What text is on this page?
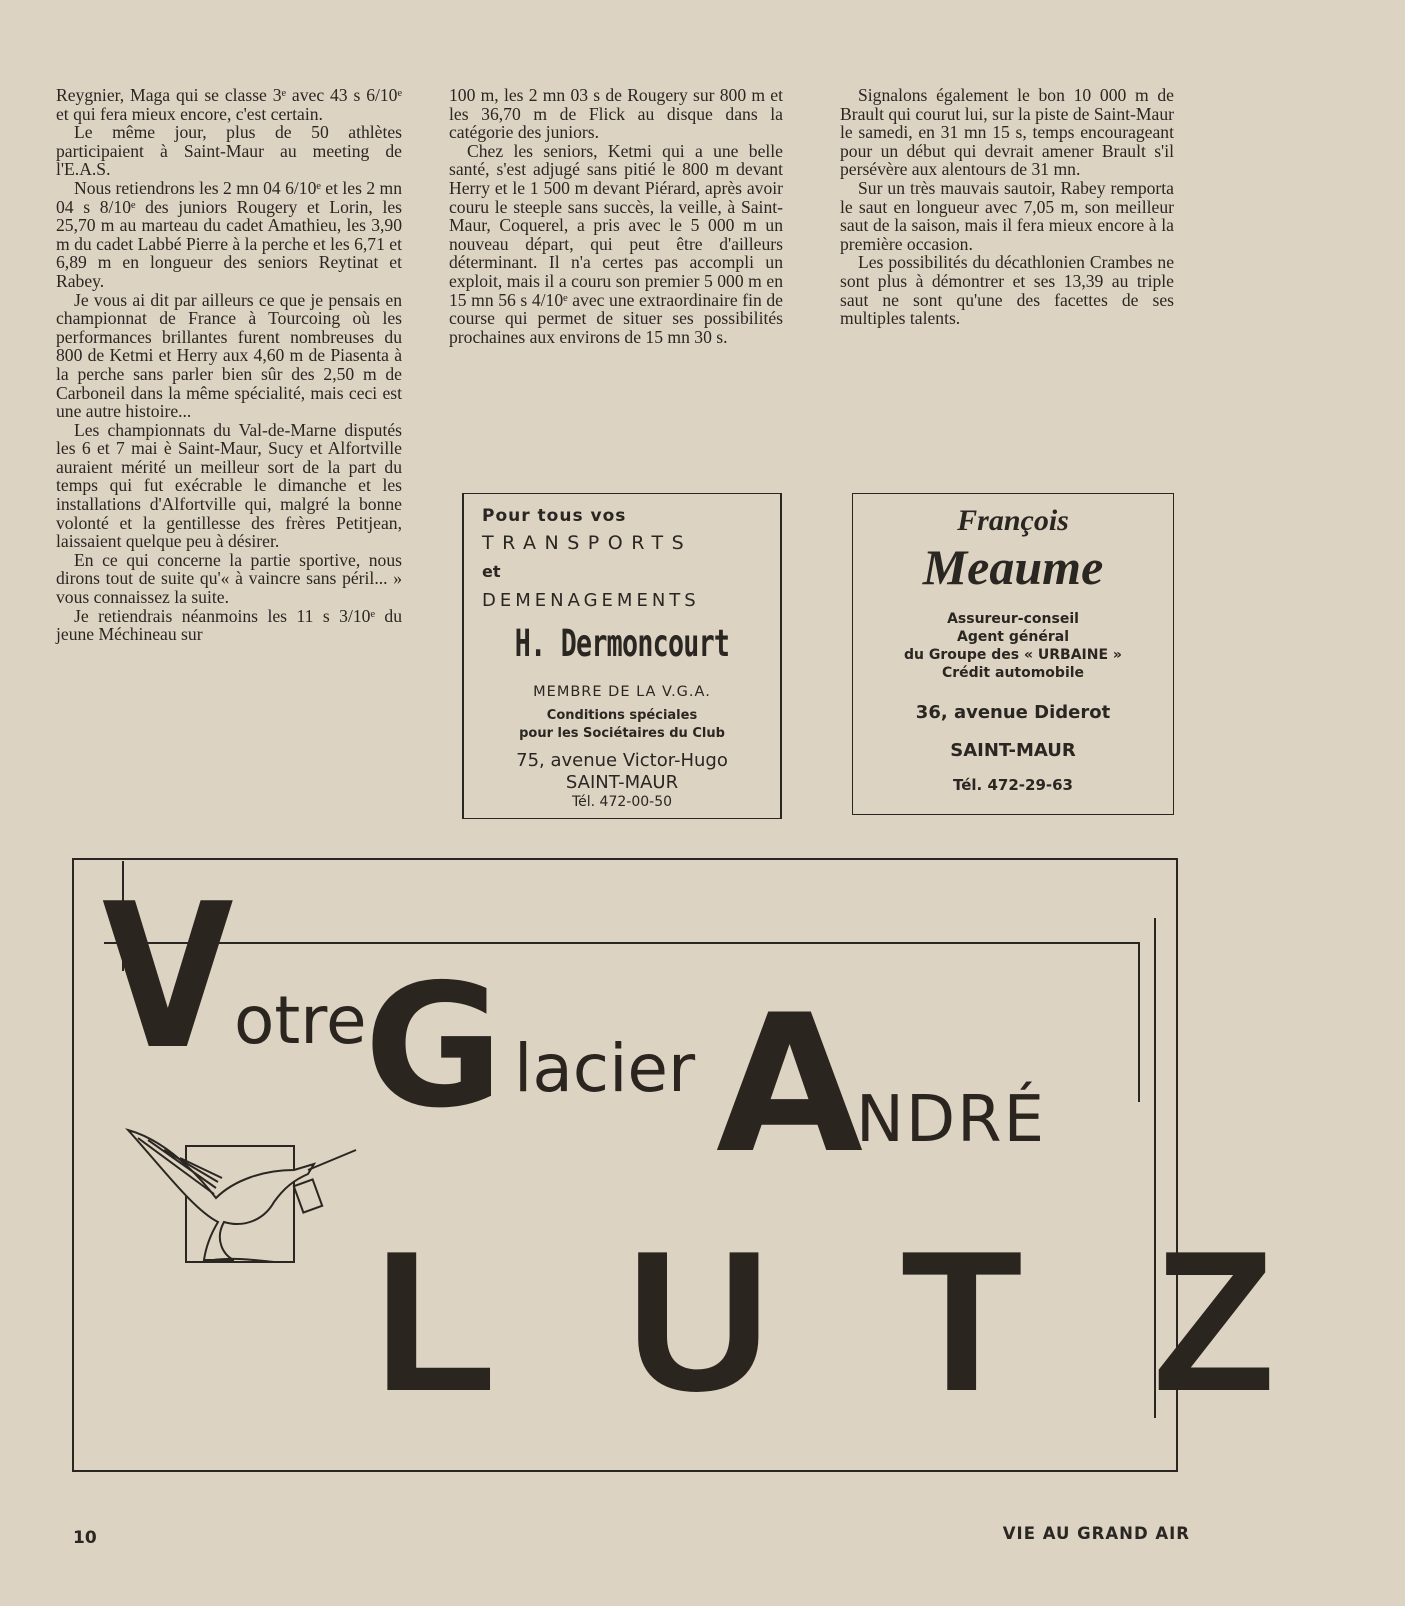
Reygnier, Maga qui se classe 3ᵉ avec 43 s 6/10ᵉ et qui fera mieux encore, c'est certain.

Le même jour, plus de 50 athlètes participaient à Saint-Maur au meeting de l'E.A.S.

Nous retiendrons les 2 mn 04 6/10ᵉ et les 2 mn 04 s 8/10ᵉ des juniors Rougery et Lorin, les 25,70 m au marteau du cadet Amathieu, les 3,90 m du cadet Labbé Pierre à la perche et les 6,71 et 6,89 m en longueur des seniors Reytinat et Rabey.

Je vous ai dit par ailleurs ce que je pensais en championnat de France à Tourcoing où les performances brillantes furent nombreuses du 800 de Ketmi et Herry aux 4,60 m de Piasenta à la perche sans parler bien sûr des 2,50 m de Carboneil dans la même spécialité, mais ceci est une autre histoire...

Les championnats du Val-de-Marne disputés les 6 et 7 mai è Saint-Maur, Sucy et Alfortville auraient mérité un meilleur sort de la part du temps qui fut exécrable le dimanche et les installations d'Alfortville qui, malgré la bonne volonté et la gentillesse des frères Petitjean, laissaient quelque peu à désirer.

En ce qui concerne la partie sportive, nous dirons tout de suite qu'« à vaincre sans péril... » vous connaissez la suite.

Je retiendrais néanmoins les 11 s 3/10ᵉ du jeune Méchineau sur

100 m, les 2 mn 03 s de Rougery sur 800 m et les 36,70 m de Flick au disque dans la catégorie des juniors.

Chez les seniors, Ketmi qui a une belle santé, s'est adjugé sans pitié le 800 m devant Herry et le 1 500 m devant Piérard, après avoir couru le steeple sans succès, la veille, à Saint-Maur, Coquerel, a pris avec le 5 000 m un nouveau départ, qui peut être d'ailleurs déterminant. Il n'a certes pas accompli un exploit, mais il a couru son premier 5 000 m en 15 mn 56 s 4/10ᵉ avec une extraordinaire fin de course qui permet de situer ses possibilités prochaines aux environs de 15 mn 30 s.

Signalons également le bon 10 000 m de Brault qui courut lui, sur la piste de Saint-Maur le samedi, en 31 mn 15 s, temps encourageant pour un début qui devrait amener Brault s'il persévère aux alentours de 31 mn.

Sur un très mauvais sautoir, Rabey remporta le saut en longueur avec 7,05 m, son meilleur saut de la saison, mais il fera mieux encore à la première occasion.

Les possibilités du décathlonien Crambes ne sont plus à démontrer et ses 13,39 au triple saut ne sont qu'une des facettes de ses multiples talents.

Pour tous vos
TRANSPORTS
et
DEMENAGEMENTS
H. Dermoncourt
MEMBRE DE LA V.G.A.
Conditions spéciales
pour les Sociétaires du Club
75, avenue Victor-Hugo
SAINT-MAUR
Tél. 472-00-50
François
Meaume
Assureur-conseil
Agent général
du Groupe des « URBAINE »
Crédit automobile
36, avenue Diderot
SAINT-MAUR
Tél. 472-29-63
V otre
G lacier A
NDRÉ
LUTZ
10	VIE AU GRAND AIR
